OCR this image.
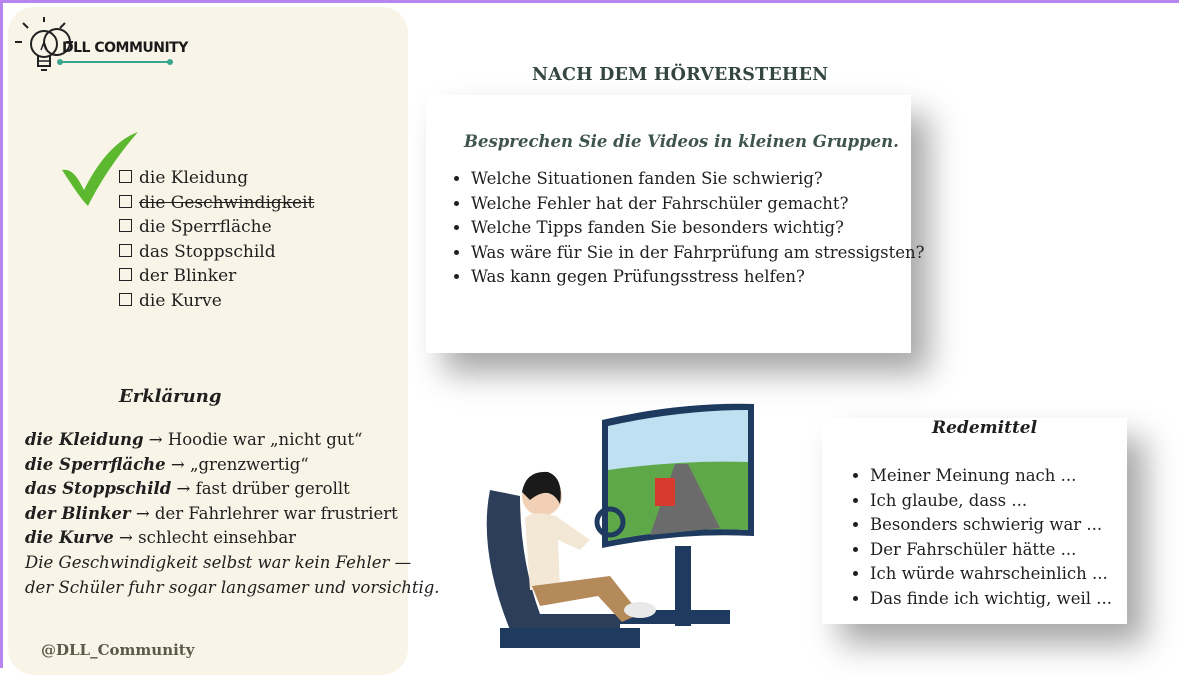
DLL COMMUNITY
die Kleidung
die Geschwindigkeit
die Sperrfläche
das Stoppschild
der Blinker
die Kurve
Erklärung
die Kleidung → Hoodie war „nicht gut“
die Sperrfläche → „grenzwertig“
das Stoppschild → fast drüber gerollt
der Blinker → der Fahrlehrer war frustriert
die Kurve → schlecht einsehbar
Die Geschwindigkeit selbst war kein Fehler —
der Schüler fuhr sogar langsamer und vorsichtig.
@DLL_Community
NACH DEM HÖRVERSTEHEN
Besprechen Sie die Videos in kleinen Gruppen.
• Welche Situationen fanden Sie schwierig?
• Welche Fehler hat der Fahrschüler gemacht?
• Welche Tipps fanden Sie besonders wichtig?
• Was wäre für Sie in der Fahrprüfung am stressigsten?
• Was kann gegen Prüfungsstress helfen?
Redemittel
• Meiner Meinung nach ...
• Ich glaube, dass ...
• Besonders schwierig war ...
• Der Fahrschüler hätte ...
• Ich würde wahrscheinlich ...
• Das finde ich wichtig, weil ...
